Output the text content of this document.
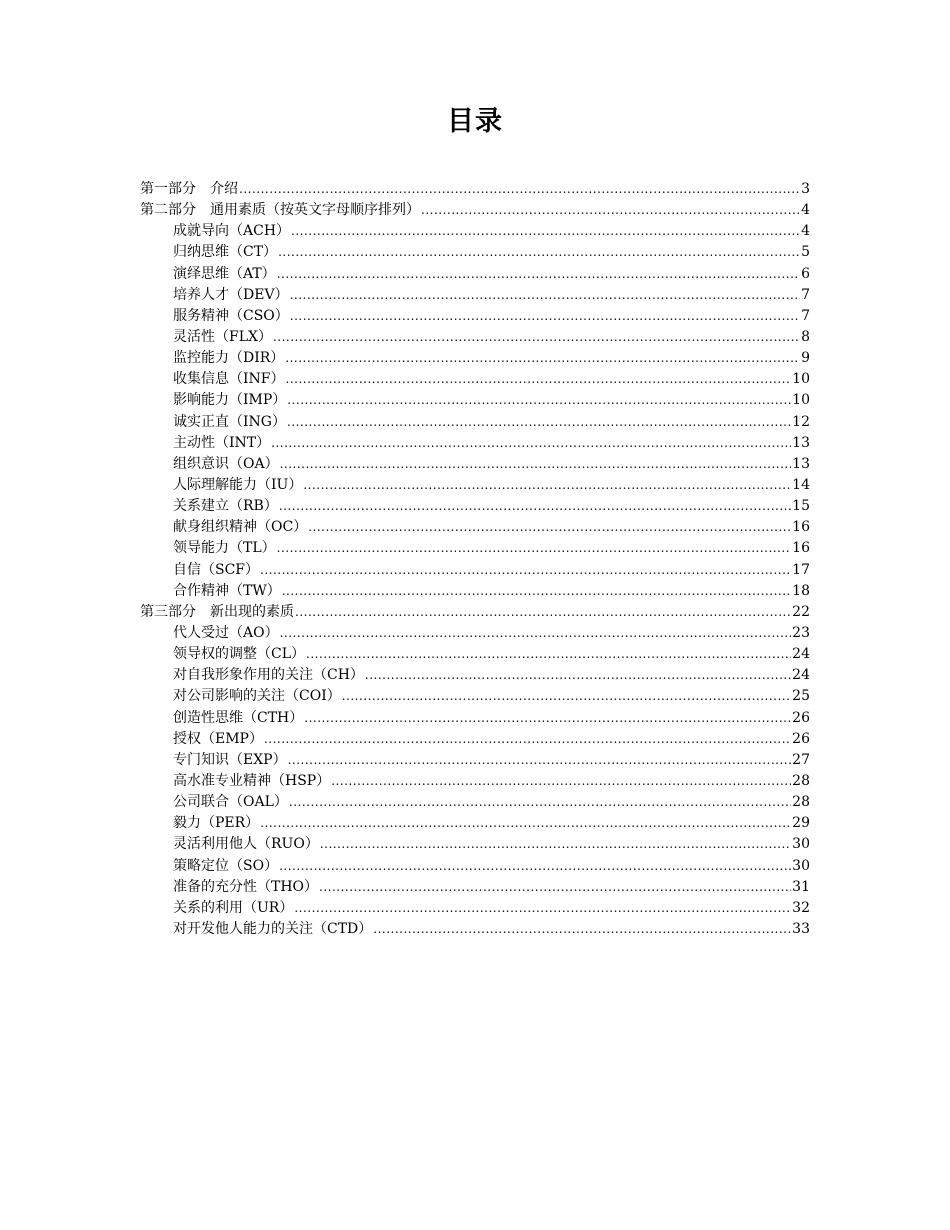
目录
第一部分　介绍 .....	3
第二部分　通用素质（按英文字母顺序排列） .....	4
成就导向（ACH） .....	4
归纳思维（CT） .....	5
演绎思维（AT） .....	6
培养人才（DEV） .....	7
服务精神（CSO） .....	7
灵活性（FLX） .....	8
监控能力（DIR） .....	9
收集信息（INF） .....	10
影响能力（IMP） .....	10
诚实正直（ING） .....	12
主动性（INT） .....	13
组织意识（OA） .....	13
人际理解能力（IU） .....	14
关系建立（RB） .....	15
献身组织精神（OC） .....	16
领导能力（TL） .....	16
自信（SCF） .....	17
合作精神（TW） .....	18
第三部分　新出现的素质 .....	22
代人受过（AO） .....	23
领导权的调整（CL） .....	24
对自我形象作用的关注（CH） .....	24
对公司影响的关注（COI） .....	25
创造性思维（CTH） .....	26
授权（EMP） .....	26
专门知识（EXP） .....	27
高水准专业精神（HSP） .....	28
公司联合（OAL） .....	28
毅力（PER） .....	29
灵活利用他人（RUO） .....	30
策略定位（SO） .....	30
准备的充分性（THO） .....	31
关系的利用（UR） .....	32
对开发他人能力的关注（CTD） .....	33
